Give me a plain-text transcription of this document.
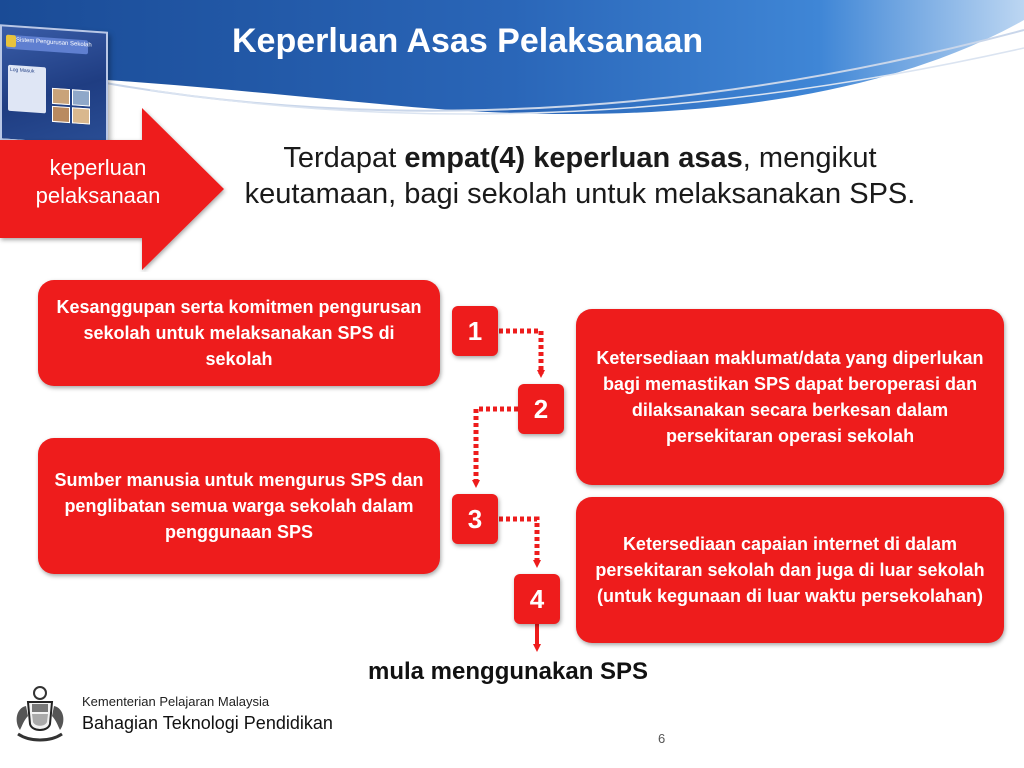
Keperluan Asas Pelaksanaan
Sistem Pengurusan Sekolah
Log Masuk
keperluan
pelaksanaan
Terdapat empat(4) keperluan asas, mengikut keutamaan, bagi sekolah untuk melaksanakan SPS.
Kesanggupan serta komitmen pengurusan sekolah untuk melaksanakan SPS di sekolah	Ketersediaan maklumat/data yang diperlukan bagi memastikan SPS dapat beroperasi dan dilaksanakan secara berkesan dalam persekitaran operasi sekolah
Sumber manusia untuk mengurus SPS dan penglibatan semua warga sekolah dalam penggunaan SPS
Ketersediaan capaian internet di dalam persekitaran sekolah dan juga di luar sekolah (untuk kegunaan di luar waktu persekolahan)
1
2
3
4
mula menggunakan SPS
Kementerian Pelajaran Malaysia
Bahagian Teknologi Pendidikan
6
